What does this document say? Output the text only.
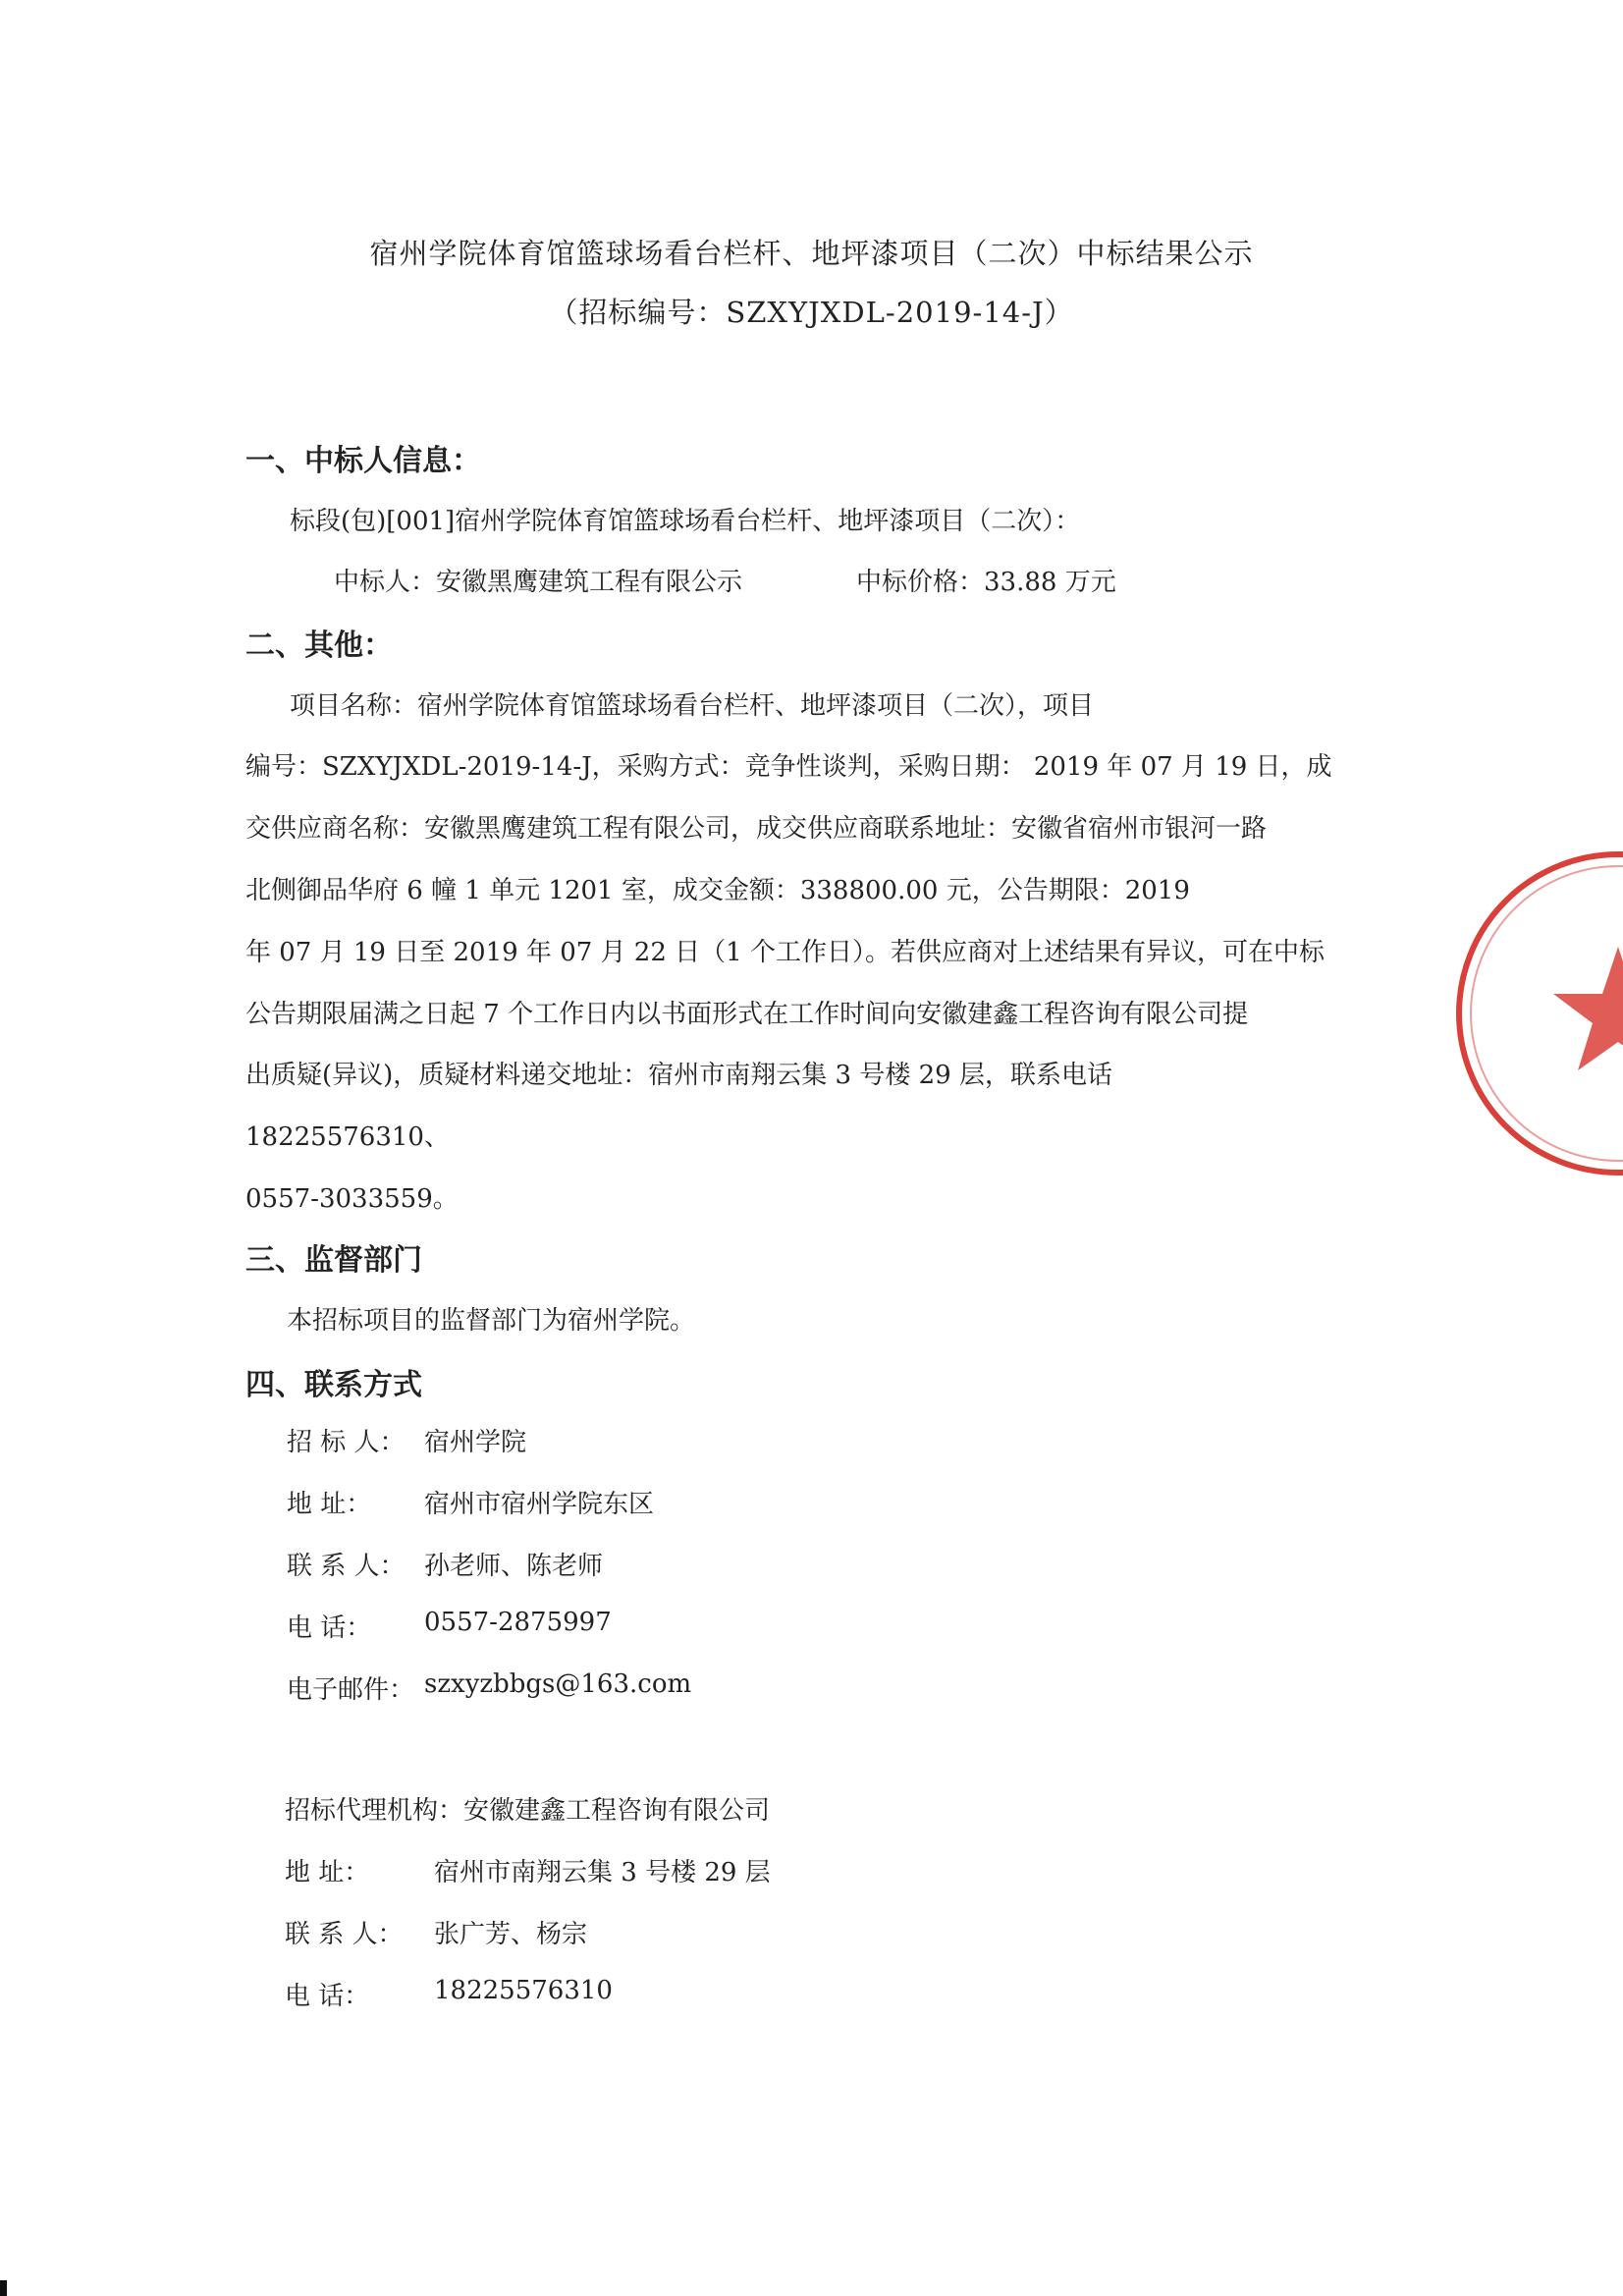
宿州学院体育馆篮球场看台栏杆、地坪漆项目（二次）中标结果公示
（招标编号：SZXYJXDL-2019-14-J）
一、中标人信息：
标段(包)[001]宿州学院体育馆篮球场看台栏杆、地坪漆项目（二次）：
中标人：安徽黑鹰建筑工程有限公示	中标价格：33.88 万元
二、其他：
项目名称：宿州学院体育馆篮球场看台栏杆、地坪漆项目（二次），项目
编号：SZXYJXDL-2019-14-J，采购方式：竞争性谈判，采购日期： 2019 年 07 月 19 日，成
交供应商名称：安徽黑鹰建筑工程有限公司，成交供应商联系地址：安徽省宿州市银河一路
北侧御品华府 6 幢 1 单元 1201 室，成交金额：338800.00 元，公告期限：2019
年 07 月 19 日至 2019 年 07 月 22 日（1 个工作日）。若供应商对上述结果有异议，可在中标
公告期限届满之日起 7 个工作日内以书面形式在工作时间向安徽建鑫工程咨询有限公司提
出质疑(异议)，质疑材料递交地址：宿州市南翔云集 3 号楼 29 层，联系电话
18225576310、
0557-3033559。
三、监督部门
本招标项目的监督部门为宿州学院。
四、联系方式
招 标 人： 宿州学院
地 址： 宿州市宿州学院东区
联 系 人： 孙老师、陈老师
电 话： 0557-2875997
电子邮件： szxyzbbgs@163.com
招标代理机构： 安徽建鑫工程咨询有限公司
地 址：	宿州市南翔云集 3 号楼 29 层
联 系 人： 张广芳、杨宗
电 话：	18225576310
